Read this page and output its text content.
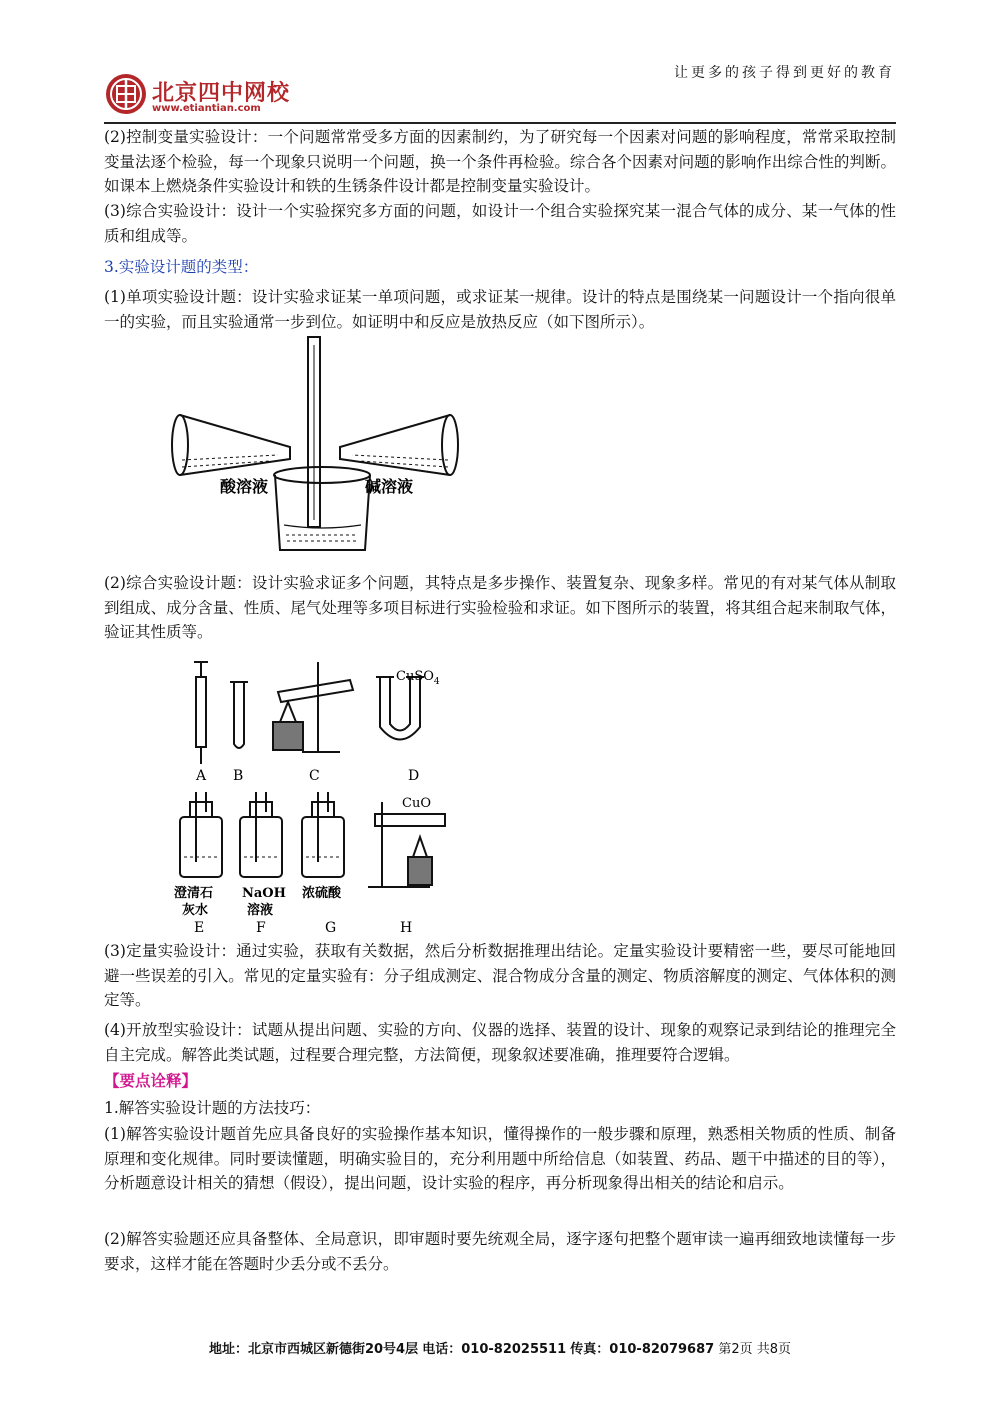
让更多的孩子得到更好的教育
北京四中网校
www.etiantian.com
(2)控制变量实验设计：一个问题常常受多方面的因素制约，为了研究每一个因素对问题的影响程度，常常采取控制变量法逐个检验，每一个现象只说明一个问题，换一个条件再检验。综合各个因素对问题的影响作出综合性的判断。如课本上燃烧条件实验设计和铁的生锈条件设计都是控制变量实验设计。
(3)综合实验设计：设计一个实验探究多方面的问题，如设计一个组合实验探究某一混合气体的成分、某一气体的性质和组成等。
3.实验设计题的类型：
(1)单项实验设计题：设计实验求证某一单项问题，或求证某一规律。设计的特点是围绕某一问题设计一个指向很单一的实验，而且实验通常一步到位。如证明中和反应是放热反应（如下图所示）。
酸溶液	碱溶液
(2)综合实验设计题：设计实验求证多个问题，其特点是多步操作、装置复杂、现象多样。常见的有对某气体从制取到组成、成分含量、性质、尾气处理等多项目标进行实验检验和求证。如下图所示的装置，将其组合起来制取气体，验证其性质等。
CuSO$_4$
CuO
A B	C	D
澄清石
灰水
NaOH
溶液
浓硫酸
E	F	G	H
(3)定量实验设计：通过实验，获取有关数据，然后分析数据推理出结论。定量实验设计要精密一些，要尽可能地回避一些误差的引入。常见的定量实验有：分子组成测定、混合物成分含量的测定、物质溶解度的测定、气体体积的测定等。
(4)开放型实验设计：试题从提出问题、实验的方向、仪器的选择、装置的设计、现象的观察记录到结论的推理完全自主完成。解答此类试题，过程要合理完整，方法简便，现象叙述要准确，推理要符合逻辑。
【要点诠释】
1.解答实验设计题的方法技巧：
(1)解答实验设计题首先应具备良好的实验操作基本知识，懂得操作的一般步骤和原理，熟悉相关物质的性质、制备原理和变化规律。同时要读懂题，明确实验目的，充分利用题中所给信息（如装置、药品、题干中描述的目的等），分析题意设计相关的猜想（假设），提出问题，设计实验的程序，再分析现象得出相关的结论和启示。
(2)解答实验题还应具备整体、全局意识，即审题时要先统观全局，逐字逐句把整个题审读一遍再细致地读懂每一步要求，这样才能在答题时少丢分或不丢分。
地址：北京市西城区新德街20号4层 电话：010-82025511 传真：010-82079687 第2页 共8页
